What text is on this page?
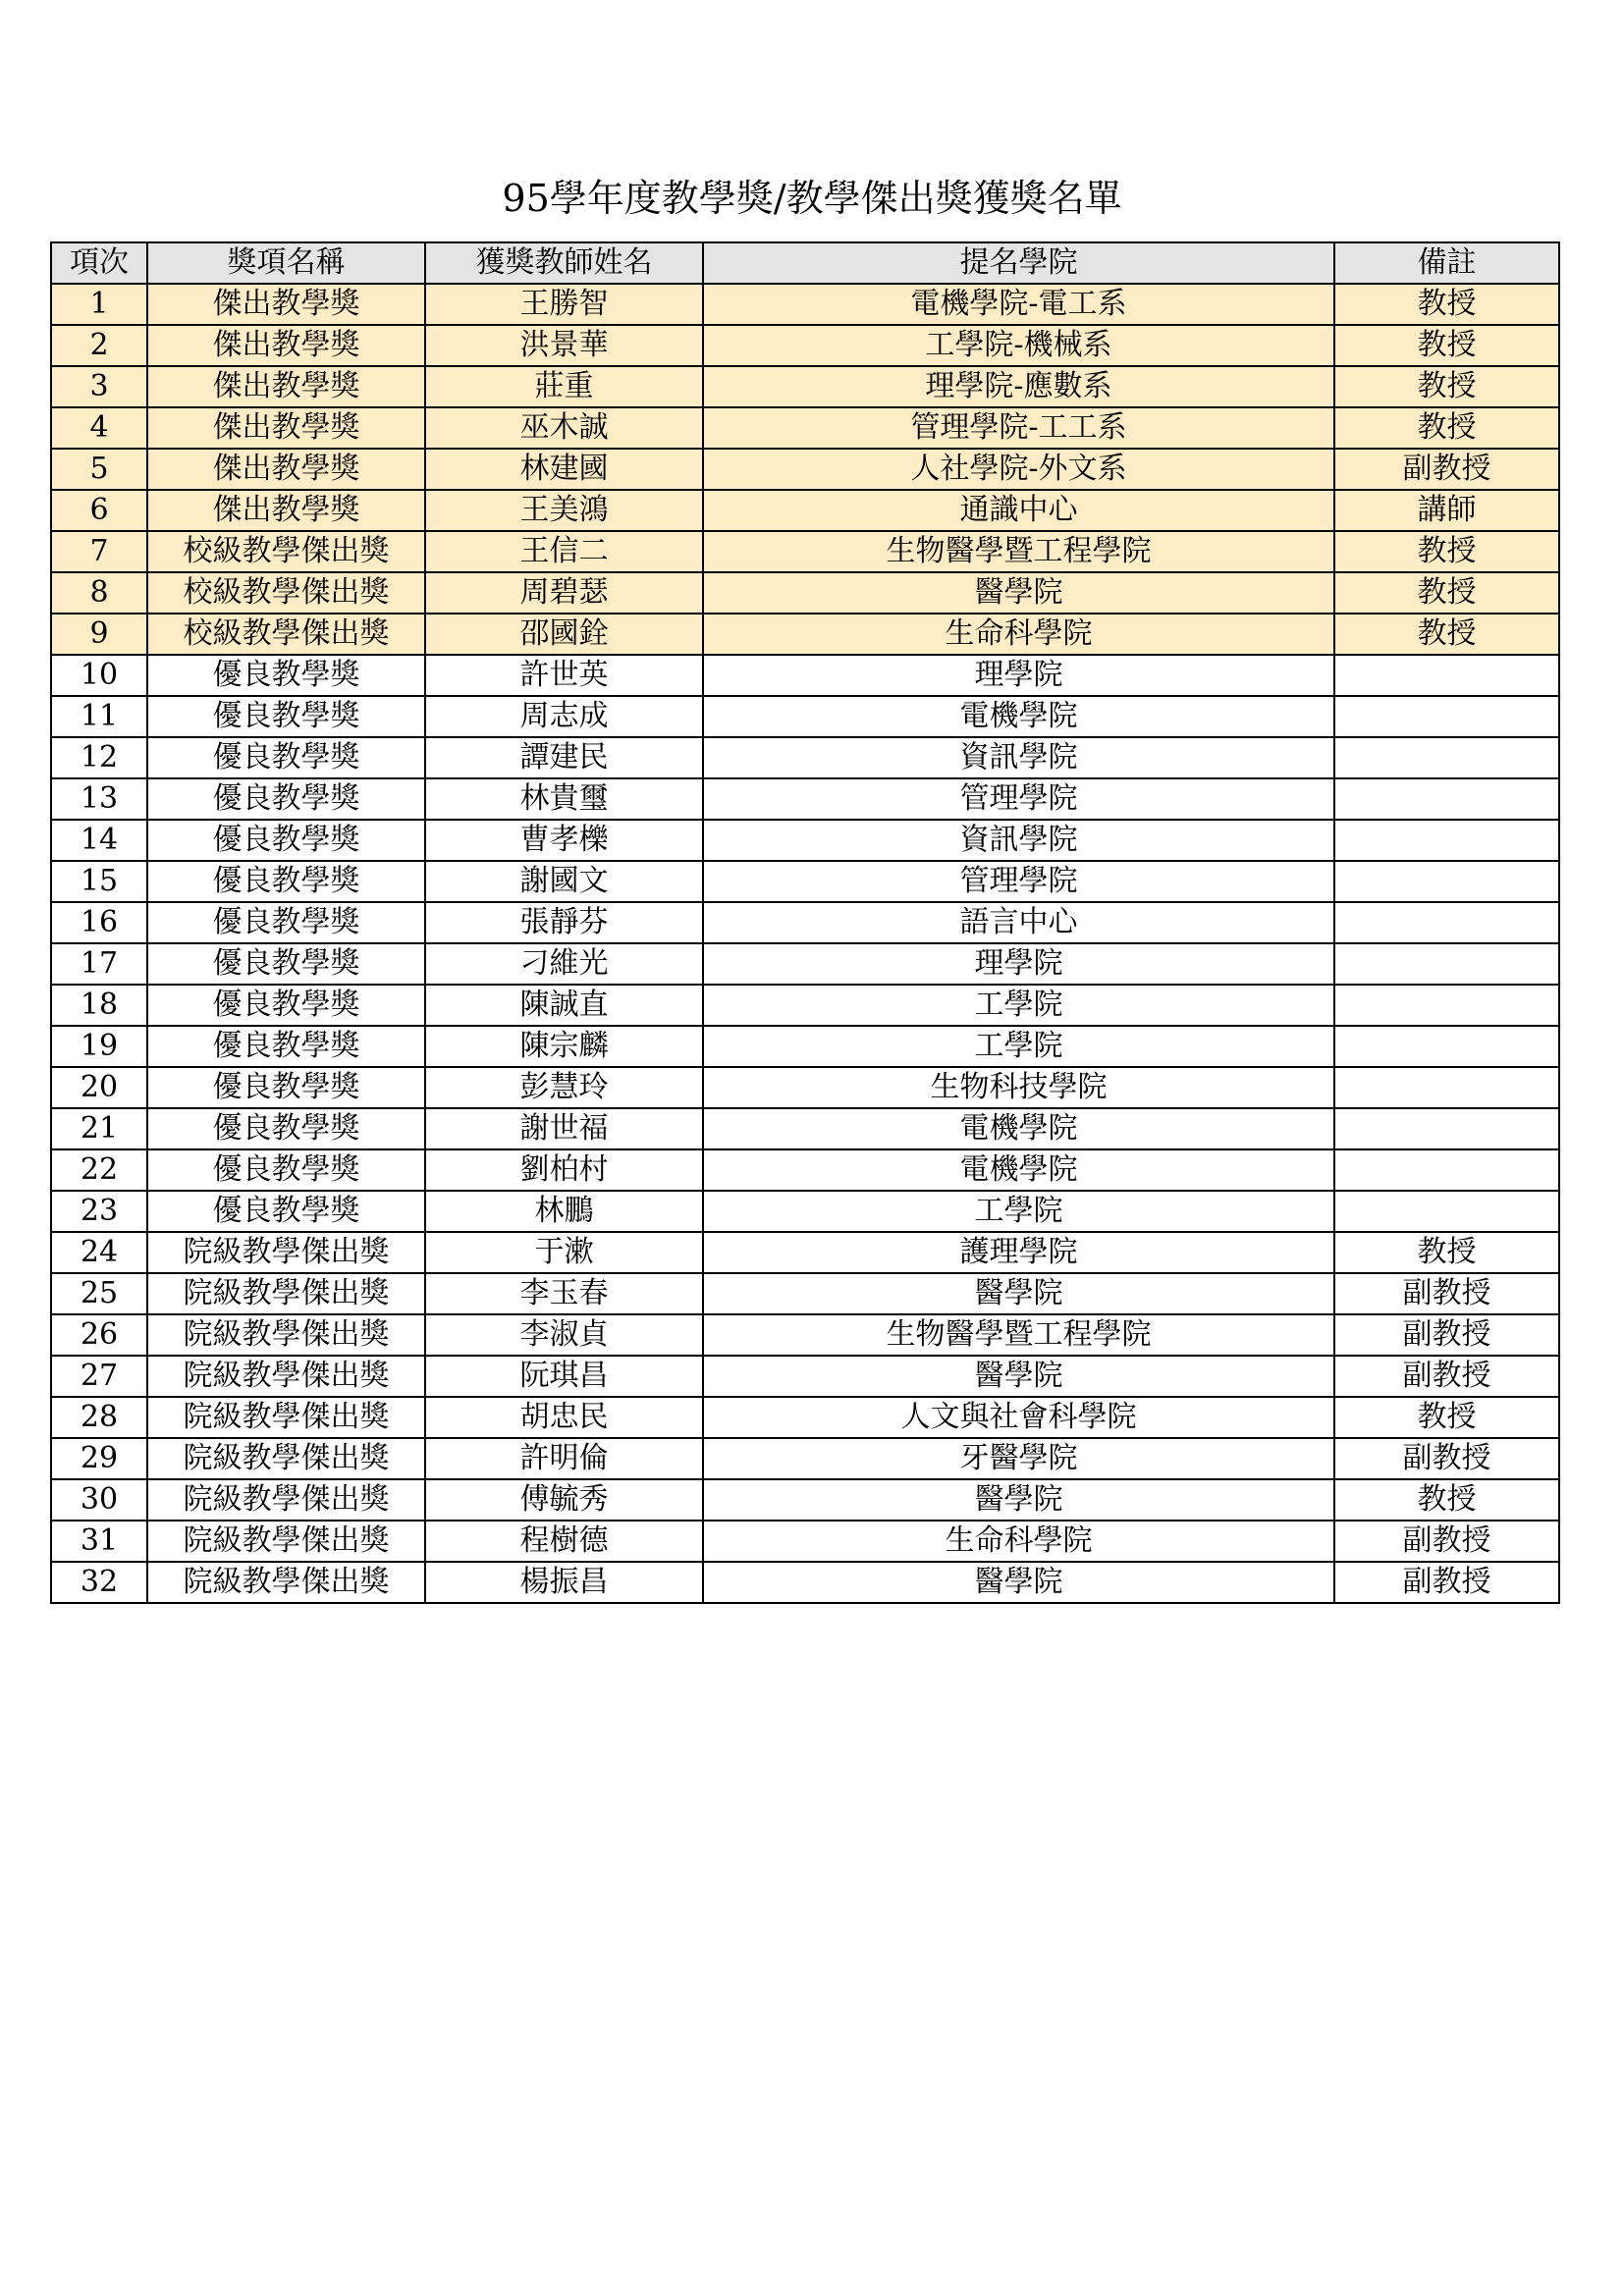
95學年度教學獎/教學傑出獎獲獎名單
項次	獎項名稱	獲獎教師姓名	提名學院	備註
1	傑出教學獎	王勝智	電機學院-電工系	教授
2	傑出教學獎	洪景華	工學院-機械系	教授
3	傑出教學獎	莊重	理學院-應數系	教授
4	傑出教學獎	巫木誠	管理學院-工工系	教授
5	傑出教學獎	林建國	人社學院-外文系	副教授
6	傑出教學獎	王美鴻	通識中心	講師
7	校級教學傑出獎	王信二	生物醫學暨工程學院	教授
8	校級教學傑出獎	周碧瑟	醫學院	教授
9	校級教學傑出獎	邵國銓	生命科學院	教授
10	優良教學獎	許世英	理學院	
11	優良教學獎	周志成	電機學院	
12	優良教學獎	譚建民	資訊學院	
13	優良教學獎	林貴璽	管理學院	
14	優良教學獎	曹孝櫟	資訊學院	
15	優良教學獎	謝國文	管理學院	
16	優良教學獎	張靜芬	語言中心	
17	優良教學獎	刁維光	理學院	
18	優良教學獎	陳誠直	工學院	
19	優良教學獎	陳宗麟	工學院	
20	優良教學獎	彭慧玲	生物科技學院	
21	優良教學獎	謝世福	電機學院	
22	優良教學獎	劉柏村	電機學院	
23	優良教學獎	林鵬	工學院	
24	院級教學傑出獎	于漱	護理學院	教授
25	院級教學傑出獎	李玉春	醫學院	副教授
26	院級教學傑出獎	李淑貞	生物醫學暨工程學院	副教授
27	院級教學傑出獎	阮琪昌	醫學院	副教授
28	院級教學傑出獎	胡忠民	人文與社會科學院	教授
29	院級教學傑出獎	許明倫	牙醫學院	副教授
30	院級教學傑出獎	傅毓秀	醫學院	教授
31	院級教學傑出獎	程樹德	生命科學院	副教授
32	院級教學傑出獎	楊振昌	醫學院	副教授
